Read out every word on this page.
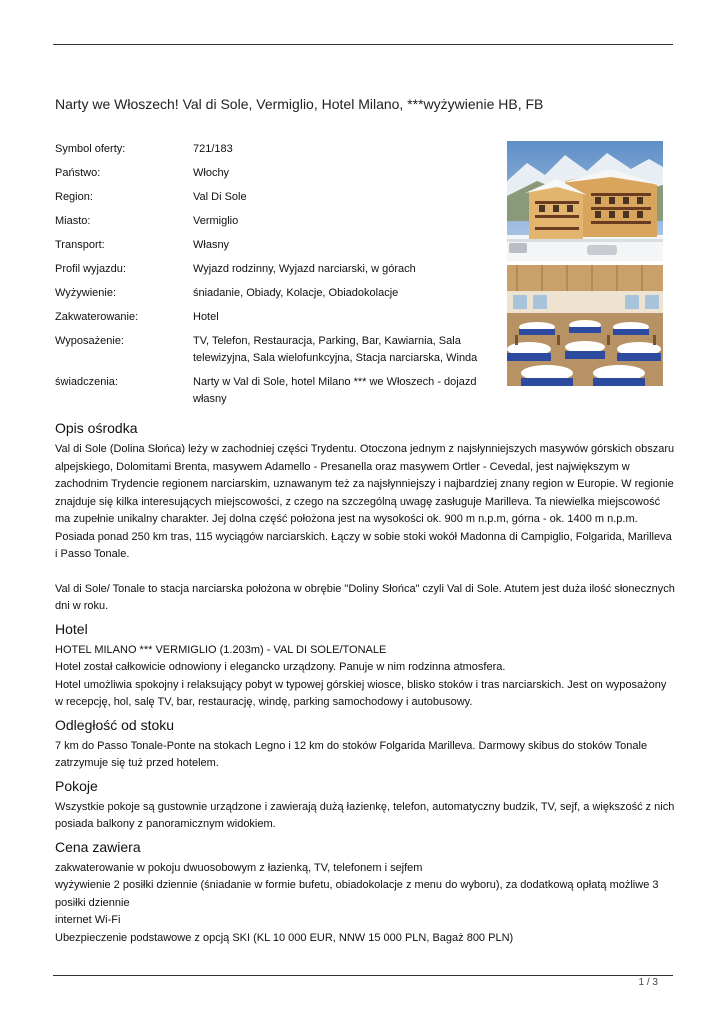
Narty we Włoszech! Val di Sole, Vermiglio, Hotel Milano, ***wyżywienie HB, FB
Symbol oferty:	721/183
Państwo:	Włochy
Region:	Val Di Sole
Miasto:	Vermiglio
Transport:	Własny
Profil wyjazdu:	Wyjazd rodzinny, Wyjazd narciarski, w górach
Wyżywienie:	śniadanie, Obiady, Kolacje, Obiadokolacje
Zakwaterowanie:	Hotel
Wyposażenie:	TV, Telefon, Restauracja, Parking, Bar, Kawiarnia, Sala telewizyjna, Sala wielofunkcyjna, Stacja narciarska, Winda
świadczenia:	Narty w Val di Sole, hotel Milano *** we Włoszech - dojazd własny
Opis ośrodka

Val di Sole (Dolina Słońca) leży w zachodniej części Trydentu. Otoczona jednym z najsłynniejszych masywów górskich obszaru alpejskiego, Dolomitami Brenta, masywem Adamello - Presanella oraz masywem Ortler - Cevedal, jest największym w zachodnim Trydencie regionem narciarskim, uznawanym też za najsłynniejszy i najbardziej znany region w Europie. W regionie znajduje się kilka interesujących miejscowości, z czego na szczególną uwagę zasługuje Marilleva. Ta niewielka miejscowość ma zupełnie unikalny charakter. Jej dolna część położona jest na wysokości ok. 900 m n.p.m, górna - ok. 1400 m n.p.m. Posiada ponad 250 km tras, 115 wyciągów narciarskich. Łączy w sobie stoki wokół Madonna di Campiglio, Folgarida, Marilleva i Passo Tonale.

Val di Sole/ Tonale to stacja narciarska położona w obrębie "Doliny Słońca" czyli Val di Sole. Atutem jest duża ilość słonecznych dni w roku.

Hotel

HOTEL MILANO *** VERMIGLIO (1.203m) - VAL DI SOLE/TONALE

Hotel został całkowicie odnowiony i elegancko urządzony. Panuje w nim rodzinna atmosfera.

Hotel umożliwia spokojny i relaksujący pobyt w typowej górskiej wiosce, blisko stoków i tras narciarskich. Jest on wyposażony w recepcję, hol, salę TV, bar, restaurację, windę, parking samochodowy i autobusowy.

Odległość od stoku

7 km do Passo Tonale-Ponte na stokach Legno i 12 km do stoków Folgarida Marilleva. Darmowy skibus do stoków Tonale zatrzymuje się tuż przed hotelem.

Pokoje

Wszystkie pokoje są gustownie urządzone i zawierają dużą łazienkę, telefon, automatyczny budzik, TV, sejf, a większość z nich posiada balkony z panoramicznym widokiem.

Cena zawiera

zakwaterowanie w pokoju dwuosobowym z łazienką, TV, telefonem i sejfem

wyżywienie 2 posiłki dziennie (śniadanie w formie bufetu, obiadokolacje z menu do wyboru), za dodatkową opłatą możliwe 3 posiłki dziennie

internet Wi-Fi

Ubezpieczenie podstawowe z opcją SKI (KL 10 000 EUR, NNW 15 000 PLN, Bagaż 800 PLN)

1 / 3
